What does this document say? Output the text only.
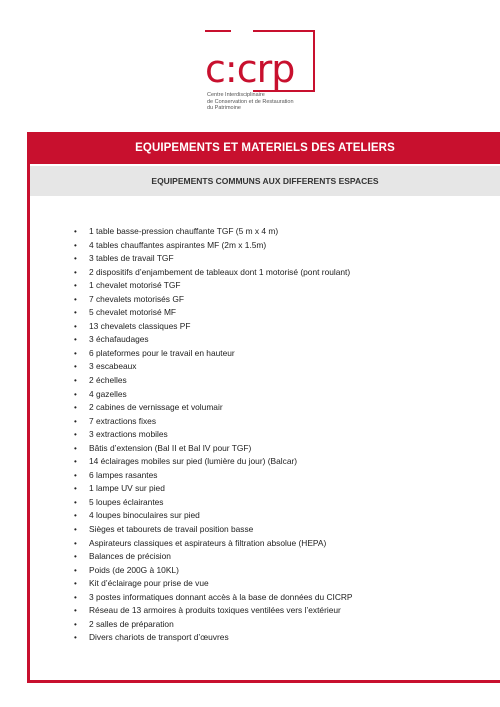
c:crp
Centre Interdisciplinaire
de Conservation et de Restauration
du Patrimoine
EQUIPEMENTS ET MATERIELS DES ATELIERS
EQUIPEMENTS COMMUNS AUX DIFFERENTS ESPACES
• 1 table basse-pression chauffante TGF (5 m x 4 m)
• 4 tables chauffantes aspirantes MF (2m x 1.5m)
• 3 tables de travail TGF
• 2 dispositifs d’enjambement de tableaux dont 1 motorisé (pont roulant)
• 1 chevalet motorisé TGF
• 7 chevalets motorisés GF
• 5 chevalet motorisé MF
• 13 chevalets classiques PF
• 3 échafaudages
• 6 plateformes pour le travail en hauteur
• 3 escabeaux
• 2 échelles
• 4 gazelles
• 2 cabines de vernissage et volumair
• 7 extractions fixes
• 3 extractions mobiles
• Bâtis d’extension (Bal II et Bal IV pour TGF)
• 14 éclairages mobiles sur pied (lumière du jour) (Balcar)
• 6 lampes rasantes
• 1 lampe UV sur pied
• 5 loupes éclairantes
• 4 loupes binoculaires sur pied
• Sièges et tabourets de travail position basse
• Aspirateurs classiques et aspirateurs à filtration absolue (HEPA)
• Balances de précision
• Poids (de 200G à 10KL)
• Kit d’éclairage pour prise de vue
• 3 postes informatiques donnant accès à la base de données du CICRP
• Réseau de 13 armoires à produits toxiques ventilées vers l’extérieur
• 2 salles de préparation
• Divers chariots de transport d’œuvres
